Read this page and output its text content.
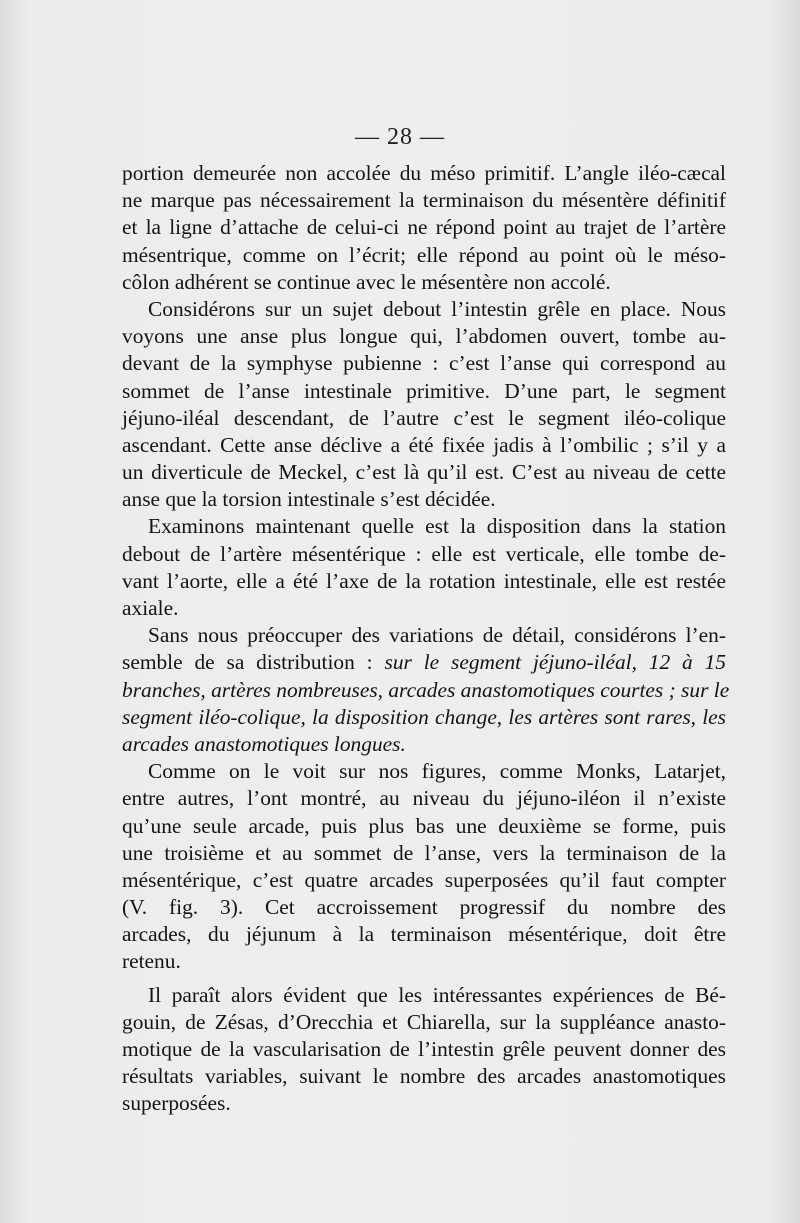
— 28 —
portion demeurée non accolée du méso primitif. L’angle iléo-cæcal
ne marque pas nécessairement la terminaison du mésentère définitif
et la ligne d’attache de celui-ci ne répond point au trajet de l’artère
mésentrique, comme on l’écrit; elle répond au point où le méso-
côlon adhérent se continue avec le mésentère non accolé.
Considérons sur un sujet debout l’intestin grêle en place. Nous
voyons une anse plus longue qui, l’abdomen ouvert, tombe au-
devant de la symphyse pubienne : c’est l’anse qui correspond au
sommet de l’anse intestinale primitive. D’une part, le segment
jéjuno-iléal descendant, de l’autre c’est le segment iléo-colique
ascendant. Cette anse déclive a été fixée jadis à l’ombilic ; s’il y a
un diverticule de Meckel, c’est là qu’il est. C’est au niveau de cette
anse que la torsion intestinale s’est décidée.
Examinons maintenant quelle est la disposition dans la station
debout de l’artère mésentérique : elle est verticale, elle tombe de-
vant l’aorte, elle a été l’axe de la rotation intestinale, elle est restée
axiale.
Sans nous préoccuper des variations de détail, considérons l’en-
semble de sa distribution : sur le segment jéjuno-iléal, 12 à 15
branches, artères nombreuses, arcades anastomotiques courtes ; sur le
segment iléo-colique, la disposition change, les artères sont rares, les
arcades anastomotiques longues.
Comme on le voit sur nos figures, comme Monks, Latarjet,
entre autres, l’ont montré, au niveau du jéjuno-iléon il n’existe
qu’une seule arcade, puis plus bas une deuxième se forme, puis
une troisième et au sommet de l’anse, vers la terminaison de la
mésentérique, c’est quatre arcades superposées qu’il faut compter
(V. fig. 3). Cet accroissement progressif du nombre des
arcades, du jéjunum à la terminaison mésentérique, doit être
retenu.
Il paraît alors évident que les intéressantes expériences de Bé-
gouin, de Zésas, d’Orecchia et Chiarella, sur la suppléance anasto-
motique de la vascularisation de l’intestin grêle peuvent donner des
résultats variables, suivant le nombre des arcades anastomotiques
superposées.
